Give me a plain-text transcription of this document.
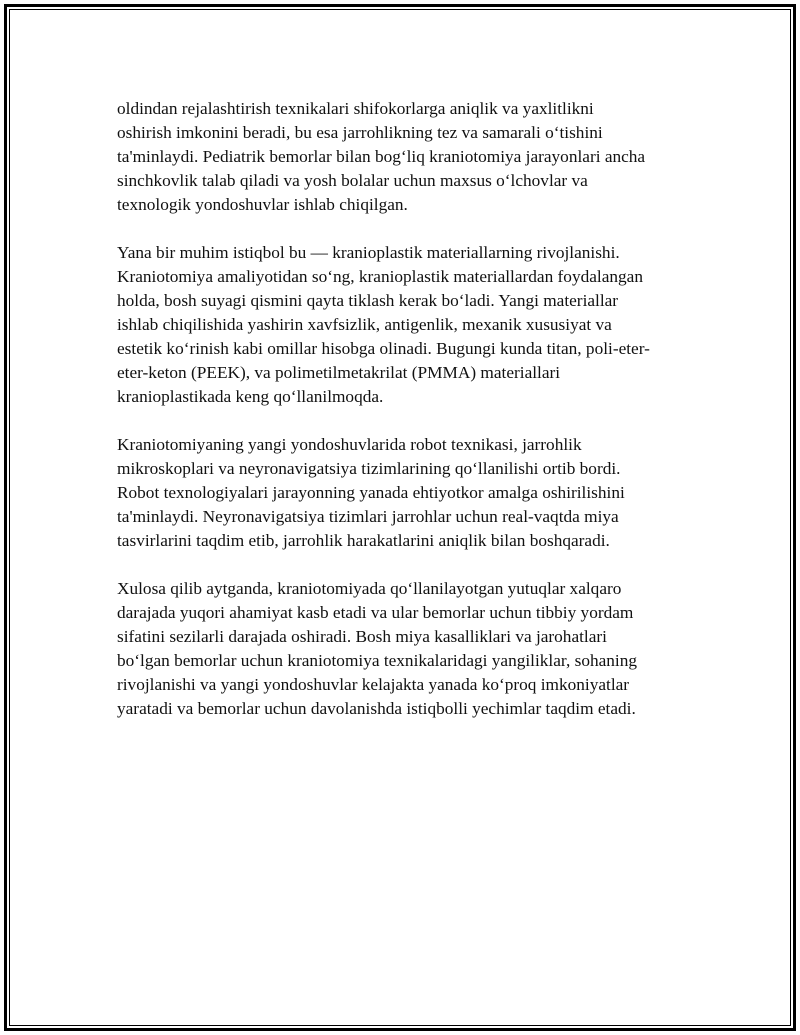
oldindan rejalashtirish texnikalari shifokorlarga aniqlik va yaxlitlikni
oshirish imkonini beradi, bu esa jarrohlikning tez va samarali oʻtishini
ta'minlaydi. Pediatrik bemorlar bilan bogʻliq kraniotomiya jarayonlari ancha
sinchkovlik talab qiladi va yosh bolalar uchun maxsus oʻlchovlar va
texnologik yondoshuvlar ishlab chiqilgan.

Yana bir muhim istiqbol bu — kranioplastik materiallarning rivojlanishi.
Kraniotomiya amaliyotidan soʻng, kranioplastik materiallardan foydalangan
holda, bosh suyagi qismini qayta tiklash kerak boʻladi. Yangi materiallar
ishlab chiqilishida yashirin xavfsizlik, antigenlik, mexanik xususiyat va
estetik koʻrinish kabi omillar hisobga olinadi. Bugungi kunda titan, poli-eter-
eter-keton (PEEK), va polimetilmetakrilat (PMMA) materiallari
kranioplastikada keng qoʻllanilmoqda.

Kraniotomiyaning yangi yondoshuvlarida robot texnikasi, jarrohlik
mikroskoplari va neyronavigatsiya tizimlarining qoʻllanilishi ortib bordi.
Robot texnologiyalari jarayonning yanada ehtiyotkor amalga oshirilishini
ta'minlaydi. Neyronavigatsiya tizimlari jarrohlar uchun real-vaqtda miya
tasvirlarini taqdim etib, jarrohlik harakatlarini aniqlik bilan boshqaradi.

Xulosa qilib aytganda, kraniotomiyada qoʻllanilayotgan yutuqlar xalqaro
darajada yuqori ahamiyat kasb etadi va ular bemorlar uchun tibbiy yordam
sifatini sezilarli darajada oshiradi. Bosh miya kasalliklari va jarohatlari
boʻlgan bemorlar uchun kraniotomiya texnikalaridagi yangiliklar, sohaning
rivojlanishi va yangi yondoshuvlar kelajakta yanada koʻproq imkoniyatlar
yaratadi va bemorlar uchun davolanishda istiqbolli yechimlar taqdim etadi.
